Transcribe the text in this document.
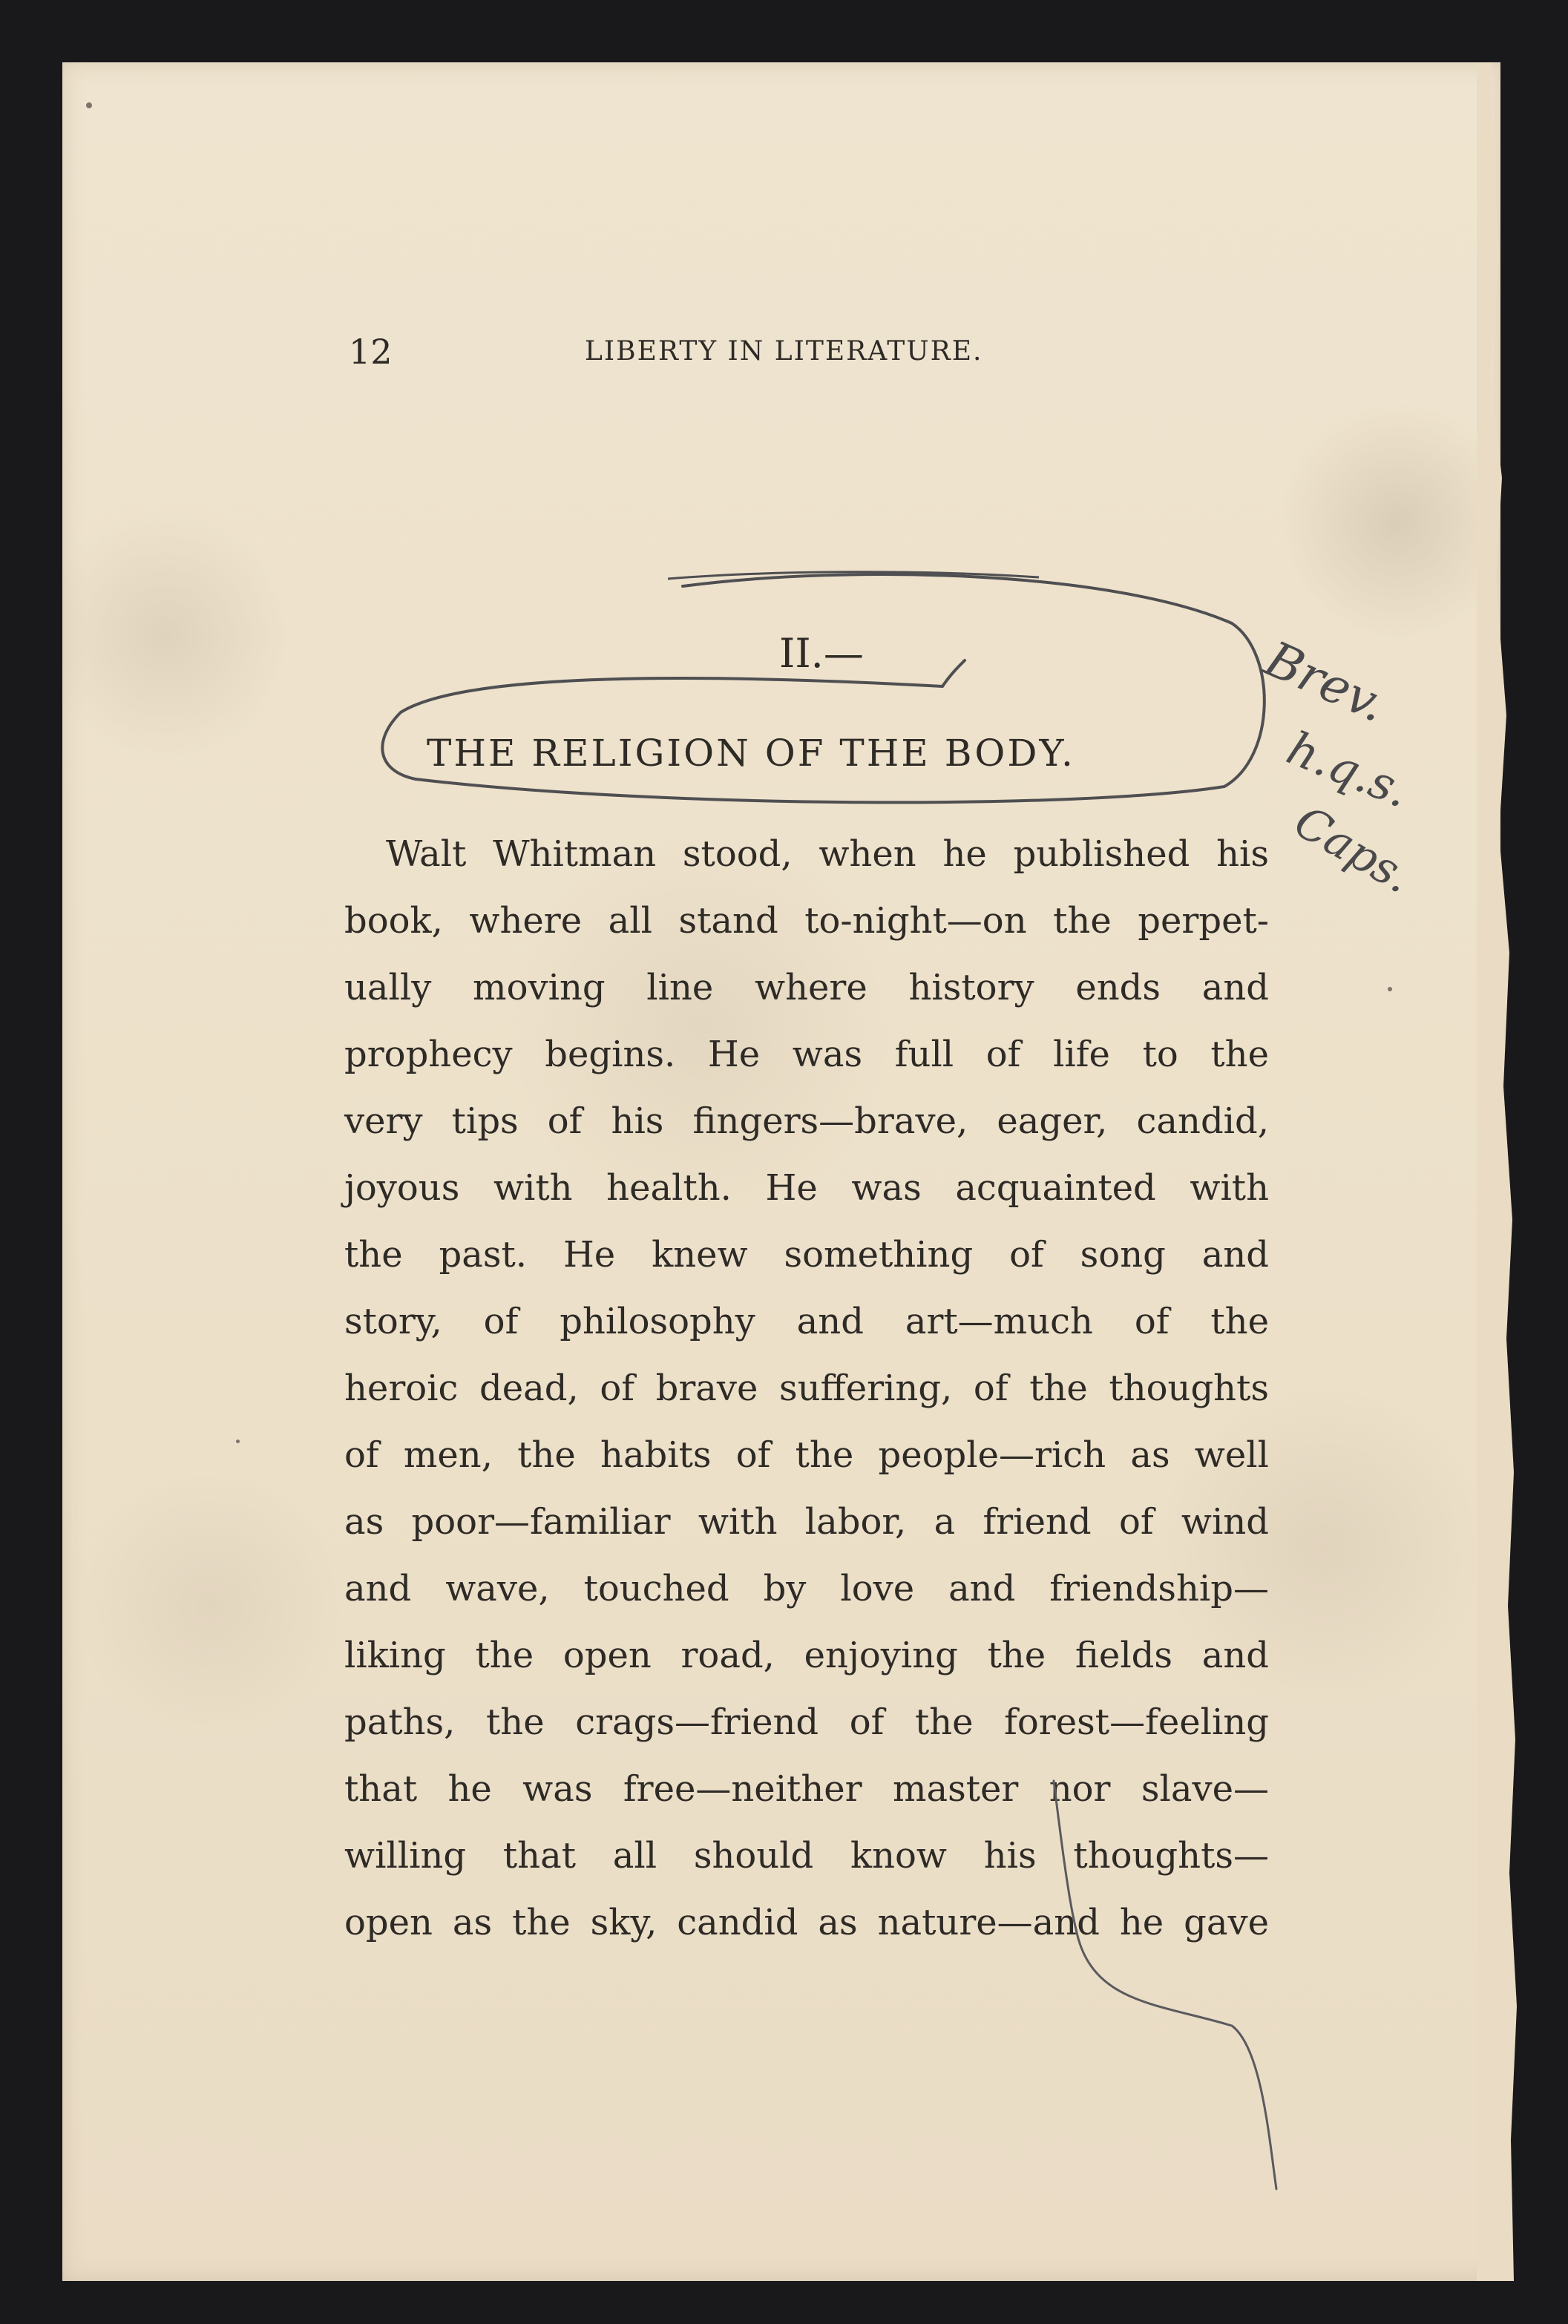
12	LIBERTY IN LITERATURE.
II.—
THE RELIGION OF THE BODY.
Walt Whitman stood, when he published his
book, where all stand to-night—on the perpet-
ually moving line where history ends and
prophecy begins. He was full of life to the
very tips of his fingers—brave, eager, candid,
joyous with health. He was acquainted with
the past. He knew something of song and
story, of philosophy and art—much of the
heroic dead, of brave suffering, of the thoughts
of men, the habits of the people—rich as well
as poor—familiar with labor, a friend of wind
and wave, touched by love and friendship—
liking the open road, enjoying the fields and
paths, the crags—friend of the forest—feeling
that he was free—neither master nor slave—
willing that all should know his thoughts—
open as the sky, candid as nature—and he gave
Brev.
h.q.s.
Caps.
